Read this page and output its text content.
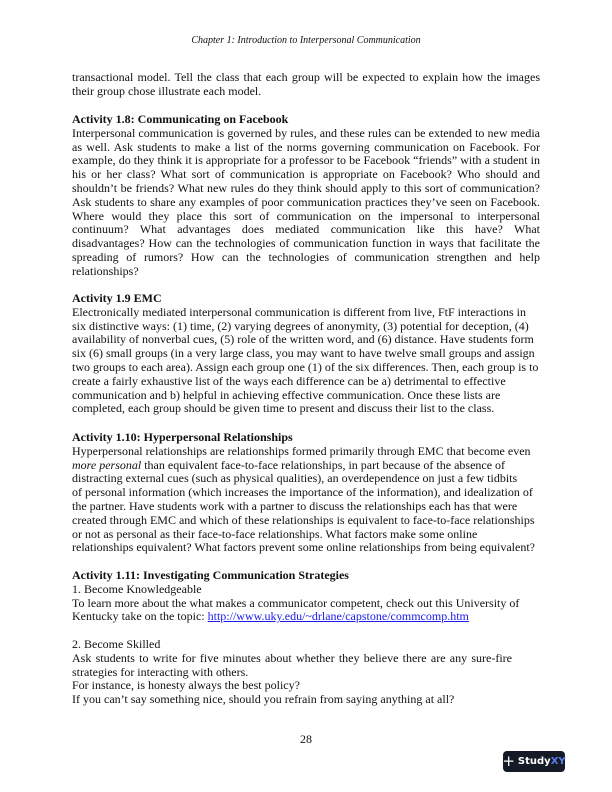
Chapter 1: Introduction to Interpersonal Communication
transactional model. Tell the class that each group will be expected to explain how the images
their group chose illustrate each model.
Activity 1.8: Communicating on Facebook
Interpersonal communication is governed by rules, and these rules can be extended to new media
as well. Ask students to make a list of the norms governing communication on Facebook. For
example, do they think it is appropriate for a professor to be Facebook “friends” with a student in
his or her class? What sort of communication is appropriate on Facebook? Who should and
shouldn’t be friends? What new rules do they think should apply to this sort of communication?
Ask students to share any examples of poor communication practices they’ve seen on Facebook.
Where would they place this sort of communication on the impersonal to interpersonal
continuum? What advantages does mediated communication like this have? What
disadvantages? How can the technologies of communication function in ways that facilitate the
spreading of rumors? How can the technologies of communication strengthen and help
relationships?
Activity 1.9 EMC
Electronically mediated interpersonal communication is different from live, FtF interactions in
six distinctive ways: (1) time, (2) varying degrees of anonymity, (3) potential for deception, (4)
availability of nonverbal cues, (5) role of the written word, and (6) distance. Have students form
six (6) small groups (in a very large class, you may want to have twelve small groups and assign
two groups to each area). Assign each group one (1) of the six differences. Then, each group is to
create a fairly exhaustive list of the ways each difference can be a) detrimental to effective
communication and b) helpful in achieving effective communication. Once these lists are
completed, each group should be given time to present and discuss their list to the class.
Activity 1.10: Hyperpersonal Relationships
Hyperpersonal relationships are relationships formed primarily through EMC that become even
more personal than equivalent face-to-face relationships, in part because of the absence of
distracting external cues (such as physical qualities), an overdependence on just a few tidbits
of personal information (which increases the importance of the information), and idealization of
the partner. Have students work with a partner to discuss the relationships each has that were
created through EMC and which of these relationships is equivalent to face-to-face relationships
or not as personal as their face-to-face relationships. What factors make some online
relationships equivalent? What factors prevent some online relationships from being equivalent?
Activity 1.11: Investigating Communication Strategies
1. Become Knowledgeable
To learn more about the what makes a communicator competent, check out this University of
Kentucky take on the topic: http://www.uky.edu/~drlane/capstone/commcomp.htm

2. Become Skilled
Ask students to write for five minutes about whether they believe there are any sure-fire
strategies for interacting with others.
For instance, is honesty always the best policy?
If you can’t say something nice, should you refrain from saying anything at all?
28
+ StudyXY
